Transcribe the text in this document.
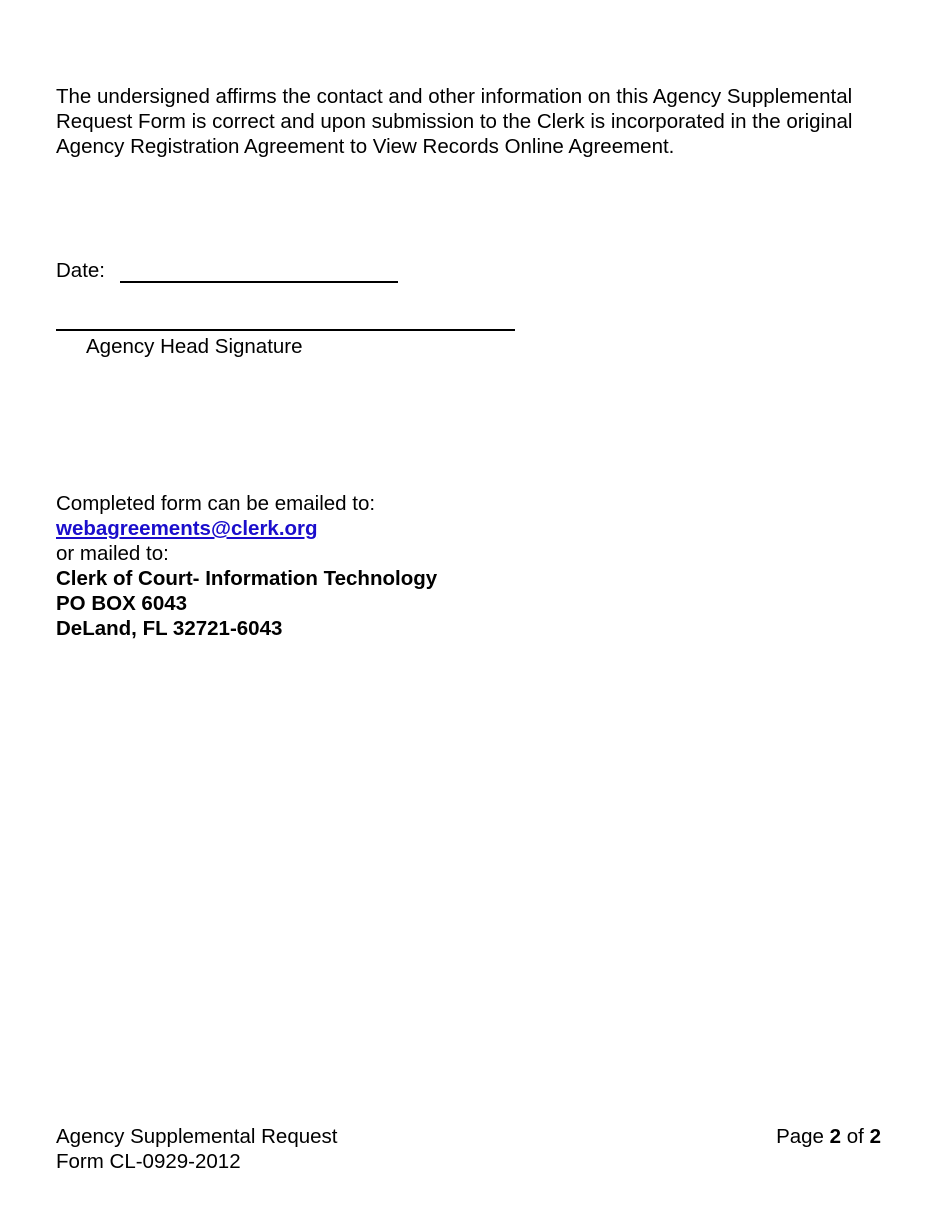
The undersigned affirms the contact and other information on this Agency Supplemental Request Form is correct and upon submission to the Clerk is incorporated in the original Agency Registration Agreement to View Records Online Agreement.

Date:
Agency Head Signature
Completed form can be emailed to:
webagreements@clerk.org
or mailed to:
Clerk of Court- Information Technology
PO BOX 6043
DeLand, FL 32721-6043
Agency Supplemental Request
Form CL-0929-2012
Page 2 of 2
